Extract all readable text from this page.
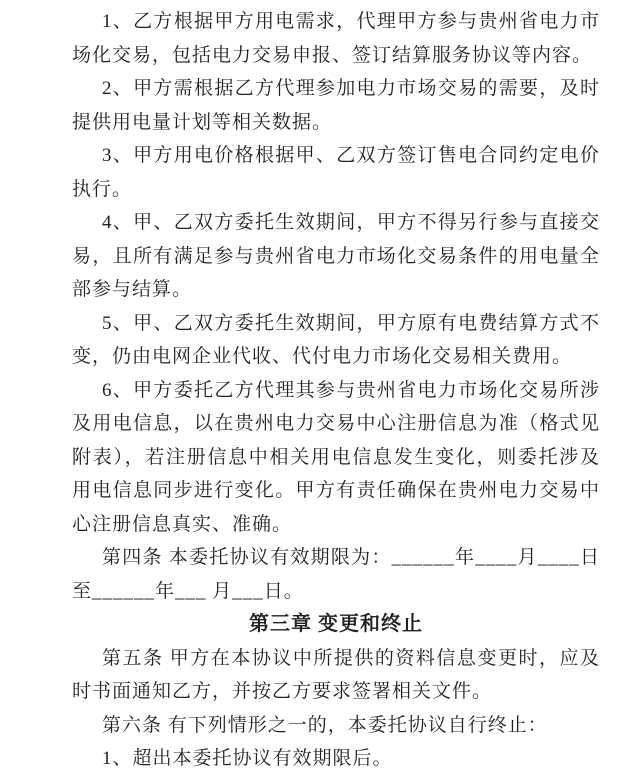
1、乙方根据甲方用电需求，代理甲方参与贵州省电力市场化交易，包括电力交易申报、签订结算服务协议等内容。

2、甲方需根据乙方代理参加电力市场交易的需要，及时提供用电量计划等相关数据。

3、甲方用电价格根据甲、乙双方签订售电合同约定电价执行。

4、甲、乙双方委托生效期间，甲方不得另行参与直接交易，且所有满足参与贵州省电力市场化交易条件的用电量全部参与结算。

5、甲、乙双方委托生效期间，甲方原有电费结算方式不变，仍由电网企业代收、代付电力市场化交易相关费用。

6、甲方委托乙方代理其参与贵州省电力市场化交易所涉及用电信息，以在贵州电力交易中心注册信息为准（格式见附表），若注册信息中相关用电信息发生变化，则委托涉及用电信息同步进行变化。甲方有责任确保在贵州电力交易中心注册信息真实、准确。

第四条 本委托协议有效期限为：______年____月____日至______年___ 月___日。

第三章 变更和终止

第五条 甲方在本协议中所提供的资料信息变更时，应及时书面通知乙方，并按乙方要求签署相关文件。

第六条 有下列情形之一的，本委托协议自行终止：

1、超出本委托协议有效期限后。
